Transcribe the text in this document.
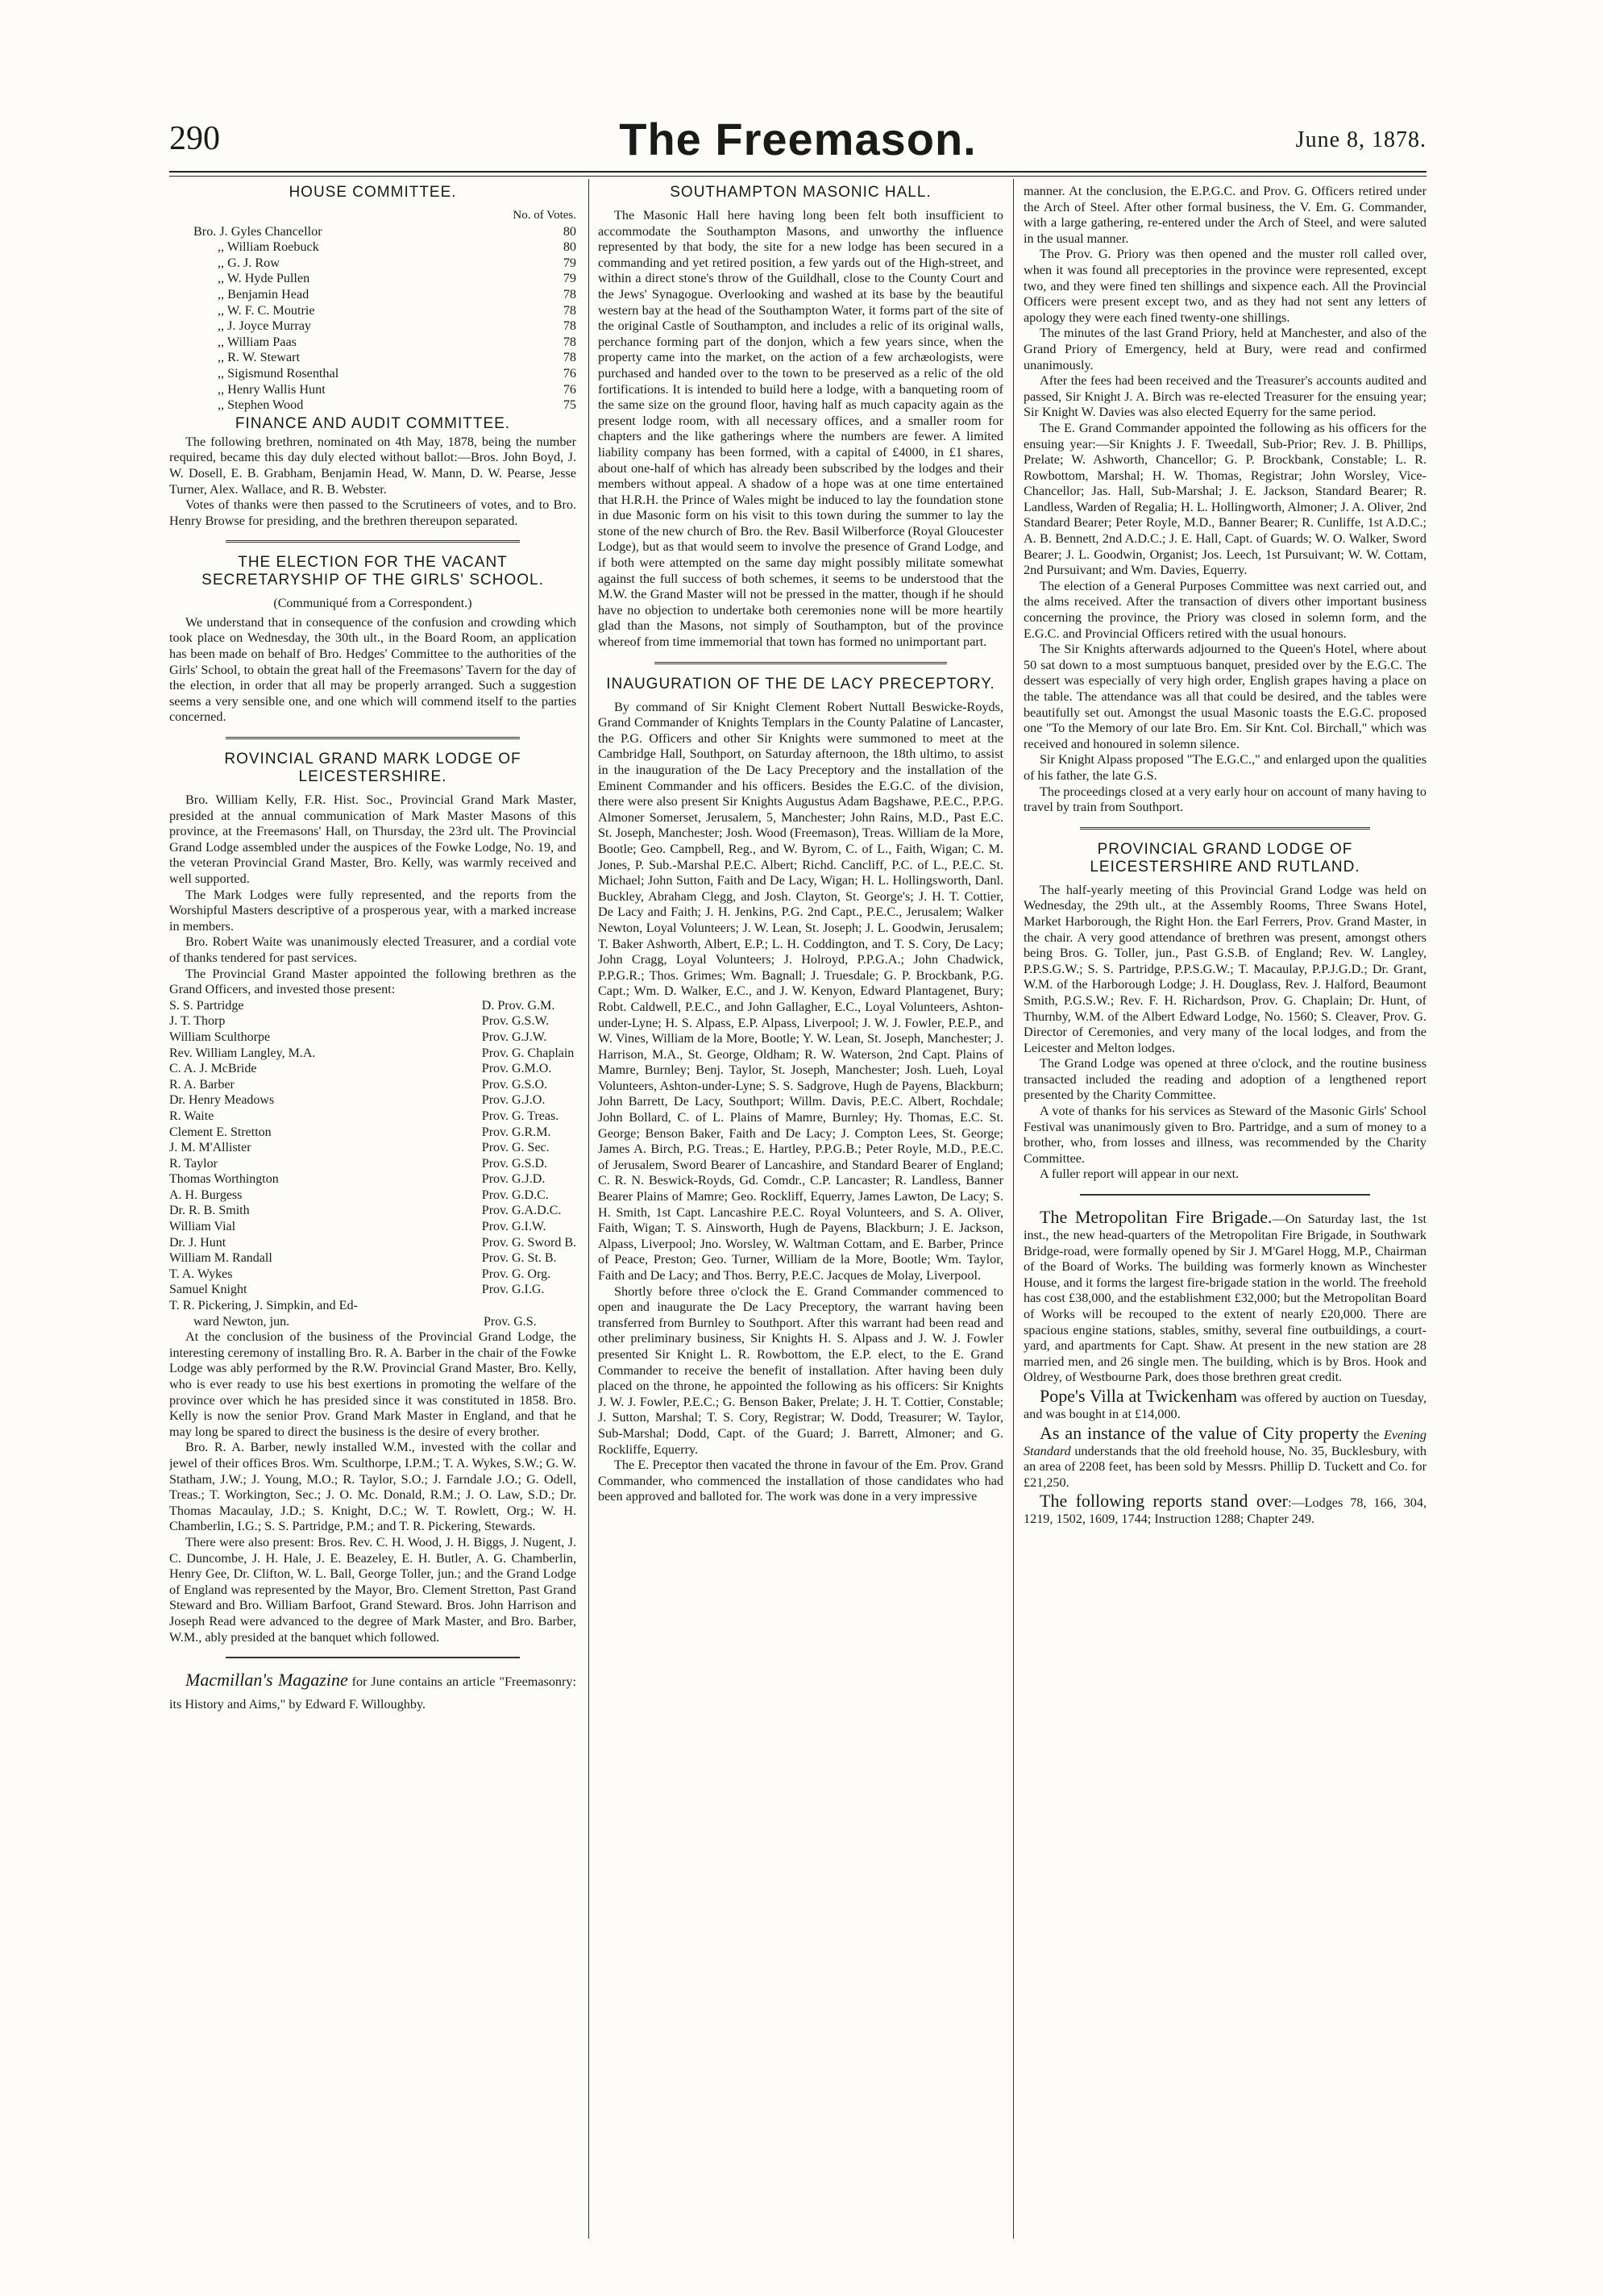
290	The Freemason.	June 8, 1878.
HOUSE COMMITTEE.
No. of Votes.
Bro. J. Gyles Chancellor	80
,, William Roebuck	80
,, G. J. Row	79
,, W. Hyde Pullen	79
,, Benjamin Head	78
,, W. F. C. Moutrie	78
,, J. Joyce Murray	78
,, William Paas	78
,, R. W. Stewart	78
,, Sigismund Rosenthal	76
,, Henry Wallis Hunt	76
,, Stephen Wood	75
FINANCE AND AUDIT COMMITTEE.

The following brethren, nominated on 4th May, 1878, being the number required, became this day duly elected without ballot:—Bros. John Boyd, J. W. Dosell, E. B. Grabham, Benjamin Head, W. Mann, D. W. Pearse, Jesse Turner, Alex. Wallace, and R. B. Webster.

Votes of thanks were then passed to the Scrutineers of votes, and to Bro. Henry Browse for presiding, and the brethren thereupon separated.

THE ELECTION FOR THE VACANT SECRETARYSHIP OF THE GIRLS' SCHOOL.
(Communiqué from a Correspondent.)

We understand that in consequence of the confusion and crowding which took place on Wednesday, the 30th ult., in the Board Room, an application has been made on behalf of Bro. Hedges' Committee to the authorities of the Girls' School, to obtain the great hall of the Freemasons' Tavern for the day of the election, in order that all may be properly arranged. Such a suggestion seems a very sensible one, and one which will commend itself to the parties concerned.

ROVINCIAL GRAND MARK LODGE OF LEICESTERSHIRE.

Bro. William Kelly, F.R. Hist. Soc., Provincial Grand Mark Master, presided at the annual communication of Mark Master Masons of this province, at the Freemasons' Hall, on Thursday, the 23rd ult. The Provincial Grand Lodge assembled under the auspices of the Fowke Lodge, No. 19, and the veteran Provincial Grand Master, Bro. Kelly, was warmly received and well supported.

The Mark Lodges were fully represented, and the reports from the Worshipful Masters descriptive of a prosperous year, with a marked increase in members.

Bro. Robert Waite was unanimously elected Treasurer, and a cordial vote of thanks tendered for past services.

The Provincial Grand Master appointed the following brethren as the Grand Officers, and invested those present:

S. S. Partridge	D. Prov. G.M.
J. T. Thorp	Prov. G.S.W.
William Sculthorpe	Prov. G.J.W.
Rev. William Langley, M.A.	Prov. G. Chaplain
C. A. J. McBride	Prov. G.M.O.
R. A. Barber	Prov. G.S.O.
Dr. Henry Meadows	Prov. G.J.O.
R. Waite	Prov. G. Treas.
Clement E. Stretton	Prov. G.R.M.
J. M. M'Allister	Prov. G. Sec.
R. Taylor	Prov. G.S.D.
Thomas Worthington	Prov. G.J.D.
A. H. Burgess	Prov. G.D.C.
Dr. R. B. Smith	Prov. G.A.D.C.
William Vial	Prov. G.I.W.
Dr. J. Hunt	Prov. G. Sword B.
William M. Randall	Prov. G. St. B.
T. A. Wykes	Prov. G. Org.
Samuel Knight	Prov. G.I.G.
T. R. Pickering, J. Simpkin, and Ed-
ward Newton, jun.	Prov. G.S.

At the conclusion of the business of the Provincial Grand Lodge, the interesting ceremony of installing Bro. R. A. Barber in the chair of the Fowke Lodge was ably performed by the R.W. Provincial Grand Master, Bro. Kelly, who is ever ready to use his best exertions in promoting the welfare of the province over which he has presided since it was constituted in 1858. Bro. Kelly is now the senior Prov. Grand Mark Master in England, and that he may long be spared to direct the business is the desire of every brother.

Bro. R. A. Barber, newly installed W.M., invested with the collar and jewel of their offices Bros. Wm. Sculthorpe, I.P.M.; T. A. Wykes, S.W.; G. W. Statham, J.W.; J. Young, M.O.; R. Taylor, S.O.; J. Farndale J.O.; G. Odell, Treas.; T. Workington, Sec.; J. O. Mc. Donald, R.M.; J. O. Law, S.D.; Dr. Thomas Macaulay, J.D.; S. Knight, D.C.; W. T. Rowlett, Org.; W. H. Chamberlin, I.G.; S. S. Partridge, P.M.; and T. R. Pickering, Stewards.

There were also present: Bros. Rev. C. H. Wood, J. H. Biggs, J. Nugent, J. C. Duncombe, J. H. Hale, J. E. Beazeley, E. H. Butler, A. G. Chamberlin, Henry Gee, Dr. Clifton, W. L. Ball, George Toller, jun.; and the Grand Lodge of England was represented by the Mayor, Bro. Clement Stretton, Past Grand Steward and Bro. William Barfoot, Grand Steward. Bros. John Harrison and Joseph Read were advanced to the degree of Mark Master, and Bro. Barber, W.M., ably presided at the banquet which followed.

Macmillan's Magazine for June contains an article "Freemasonry: its History and Aims," by Edward F. Willoughby.

SOUTHAMPTON MASONIC HALL.

The Masonic Hall here having long been felt both insufficient to accommodate the Southampton Masons, and unworthy the influence represented by that body, the site for a new lodge has been secured in a commanding and yet retired position, a few yards out of the High-street, and within a direct stone's throw of the Guildhall, close to the County Court and the Jews' Synagogue. Overlooking and washed at its base by the beautiful western bay at the head of the Southampton Water, it forms part of the site of the original Castle of Southampton, and includes a relic of its original walls, perchance forming part of the donjon, which a few years since, when the property came into the market, on the action of a few archæologists, were purchased and handed over to the town to be preserved as a relic of the old fortifications. It is intended to build here a lodge, with a banqueting room of the same size on the ground floor, having half as much capacity again as the present lodge room, with all necessary offices, and a smaller room for chapters and the like gatherings where the numbers are fewer. A limited liability company has been formed, with a capital of £4000, in £1 shares, about one-half of which has already been subscribed by the lodges and their members without appeal. A shadow of a hope was at one time entertained that H.R.H. the Prince of Wales might be induced to lay the foundation stone in due Masonic form on his visit to this town during the summer to lay the stone of the new church of Bro. the Rev. Basil Wilberforce (Royal Gloucester Lodge), but as that would seem to involve the presence of Grand Lodge, and if both were attempted on the same day might possibly militate somewhat against the full success of both schemes, it seems to be understood that the M.W. the Grand Master will not be pressed in the matter, though if he should have no objection to undertake both ceremonies none will be more heartily glad than the Masons, not simply of Southampton, but of the province whereof from time immemorial that town has formed no unimportant part.

INAUGURATION OF THE DE LACY PRECEPTORY.

By command of Sir Knight Clement Robert Nuttall Beswicke-Royds, Grand Commander of Knights Templars in the County Palatine of Lancaster, the P.G. Officers and other Sir Knights were summoned to meet at the Cambridge Hall, Southport, on Saturday afternoon, the 18th ultimo, to assist in the inauguration of the De Lacy Preceptory and the installation of the Eminent Commander and his officers. Besides the E.G.C. of the division, there were also present Sir Knights Augustus Adam Bagshawe, P.E.C., P.P.G. Almoner Somerset, Jerusalem, 5, Manchester; John Rains, M.D., Past E.C. St. Joseph, Manchester; Josh. Wood (Freemason), Treas. William de la More, Bootle; Geo. Campbell, Reg., and W. Byrom, C. of L., Faith, Wigan; C. M. Jones, P. Sub.-Marshal P.E.C. Albert; Richd. Cancliff, P.C. of L., P.E.C. St. Michael; John Sutton, Faith and De Lacy, Wigan; H. L. Hollingsworth, Danl. Buckley, Abraham Clegg, and Josh. Clayton, St. George's; J. H. T. Cottier, De Lacy and Faith; J. H. Jenkins, P.G. 2nd Capt., P.E.C., Jerusalem; Walker Newton, Loyal Volunteers; J. W. Lean, St. Joseph; J. L. Goodwin, Jerusalem; T. Baker Ashworth, Albert, E.P.; L. H. Coddington, and T. S. Cory, De Lacy; John Cragg, Loyal Volunteers; J. Holroyd, P.P.G.A.; John Chadwick, P.P.G.R.; Thos. Grimes; Wm. Bagnall; J. Truesdale; G. P. Brockbank, P.G. Capt.; Wm. D. Walker, E.C., and J. W. Kenyon, Edward Plantagenet, Bury; Robt. Caldwell, P.E.C., and John Gallagher, E.C., Loyal Volunteers, Ashton-under-Lyne; H. S. Alpass, E.P. Alpass, Liverpool; J. W. J. Fowler, P.E.P., and W. Vines, William de la More, Bootle; Y. W. Lean, St. Joseph, Manchester; J. Harrison, M.A., St. George, Oldham; R. W. Waterson, 2nd Capt. Plains of Mamre, Burnley; Benj. Taylor, St. Joseph, Manchester; Josh. Lueh, Loyal Volunteers, Ashton-under-Lyne; S. S. Sadgrove, Hugh de Payens, Blackburn; John Barrett, De Lacy, Southport; Willm. Davis, P.E.C. Albert, Rochdale; John Bollard, C. of L. Plains of Mamre, Burnley; Hy. Thomas, E.C. St. George; Benson Baker, Faith and De Lacy; J. Compton Lees, St. George; James A. Birch, P.G. Treas.; E. Hartley, P.P.G.B.; Peter Royle, M.D., P.E.C. of Jerusalem, Sword Bearer of Lancashire, and Standard Bearer of England; C. R. N. Beswick-Royds, Gd. Comdr., C.P. Lancaster; R. Landless, Banner Bearer Plains of Mamre; Geo. Rockliff, Equerry, James Lawton, De Lacy; S. H. Smith, 1st Capt. Lancashire P.E.C. Royal Volunteers, and S. A. Oliver, Faith, Wigan; T. S. Ainsworth, Hugh de Payens, Blackburn; J. E. Jackson, Alpass, Liverpool; Jno. Worsley, W. Waltman Cottam, and E. Barber, Prince of Peace, Preston; Geo. Turner, William de la More, Bootle; Wm. Taylor, Faith and De Lacy; and Thos. Berry, P.E.C. Jacques de Molay, Liverpool.

Shortly before three o'clock the E. Grand Commander commenced to open and inaugurate the De Lacy Preceptory, the warrant having been transferred from Burnley to Southport. After this warrant had been read and other preliminary business, Sir Knights H. S. Alpass and J. W. J. Fowler presented Sir Knight L. R. Rowbottom, the E.P. elect, to the E. Grand Commander to receive the benefit of installation. After having been duly placed on the throne, he appointed the following as his officers: Sir Knights J. W. J. Fowler, P.E.C.; G. Benson Baker, Prelate; J. H. T. Cottier, Constable; J. Sutton, Marshal; T. S. Cory, Registrar; W. Dodd, Treasurer; W. Taylor, Sub-Marshal; Dodd, Capt. of the Guard; J. Barrett, Almoner; and G. Rockliffe, Equerry.

The E. Preceptor then vacated the throne in favour of the Em. Prov. Grand Commander, who commenced the installation of those candidates who had been approved and balloted for. The work was done in a very impressive

manner. At the conclusion, the E.P.G.C. and Prov. G. Officers retired under the Arch of Steel. After other formal business, the V. Em. G. Commander, with a large gathering, re-entered under the Arch of Steel, and were saluted in the usual manner.

The Prov. G. Priory was then opened and the muster roll called over, when it was found all preceptories in the province were represented, except two, and they were fined ten shillings and sixpence each. All the Provincial Officers were present except two, and as they had not sent any letters of apology they were each fined twenty-one shillings.

The minutes of the last Grand Priory, held at Manchester, and also of the Grand Priory of Emergency, held at Bury, were read and confirmed unanimously.

After the fees had been received and the Treasurer's accounts audited and passed, Sir Knight J. A. Birch was re-elected Treasurer for the ensuing year; Sir Knight W. Davies was also elected Equerry for the same period.

The E. Grand Commander appointed the following as his officers for the ensuing year:—Sir Knights J. F. Tweedall, Sub-Prior; Rev. J. B. Phillips, Prelate; W. Ashworth, Chancellor; G. P. Brockbank, Constable; L. R. Rowbottom, Marshal; H. W. Thomas, Registrar; John Worsley, Vice-Chancellor; Jas. Hall, Sub-Marshal; J. E. Jackson, Standard Bearer; R. Landless, Warden of Regalia; H. L. Hollingworth, Almoner; J. A. Oliver, 2nd Standard Bearer; Peter Royle, M.D., Banner Bearer; R. Cunliffe, 1st A.D.C.; A. B. Bennett, 2nd A.D.C.; J. E. Hall, Capt. of Guards; W. O. Walker, Sword Bearer; J. L. Goodwin, Organist; Jos. Leech, 1st Pursuivant; W. W. Cottam, 2nd Pursuivant; and Wm. Davies, Equerry.

The election of a General Purposes Committee was next carried out, and the alms received. After the transaction of divers other important business concerning the province, the Priory was closed in solemn form, and the E.G.C. and Provincial Officers retired with the usual honours.

The Sir Knights afterwards adjourned to the Queen's Hotel, where about 50 sat down to a most sumptuous banquet, presided over by the E.G.C. The dessert was especially of very high order, English grapes having a place on the table. The attendance was all that could be desired, and the tables were beautifully set out. Amongst the usual Masonic toasts the E.G.C. proposed one "To the Memory of our late Bro. Em. Sir Knt. Col. Birchall," which was received and honoured in solemn silence.

Sir Knight Alpass proposed "The E.G.C.," and enlarged upon the qualities of his father, the late G.S.

The proceedings closed at a very early hour on account of many having to travel by train from Southport.

PROVINCIAL GRAND LODGE OF LEICESTERSHIRE AND RUTLAND.

The half-yearly meeting of this Provincial Grand Lodge was held on Wednesday, the 29th ult., at the Assembly Rooms, Three Swans Hotel, Market Harborough, the Right Hon. the Earl Ferrers, Prov. Grand Master, in the chair. A very good attendance of brethren was present, amongst others being Bros. G. Toller, jun., Past G.S.B. of England; Rev. W. Langley, P.P.S.G.W.; S. S. Partridge, P.P.S.G.W.; T. Macaulay, P.P.J.G.D.; Dr. Grant, W.M. of the Harborough Lodge; J. H. Douglass, Rev. J. Halford, Beaumont Smith, P.G.S.W.; Rev. F. H. Richardson, Prov. G. Chaplain; Dr. Hunt, of Thurnby, W.M. of the Albert Edward Lodge, No. 1560; S. Cleaver, Prov. G. Director of Ceremonies, and very many of the local lodges, and from the Leicester and Melton lodges.

The Grand Lodge was opened at three o'clock, and the routine business transacted included the reading and adoption of a lengthened report presented by the Charity Committee.

A vote of thanks for his services as Steward of the Masonic Girls' School Festival was unanimously given to Bro. Partridge, and a sum of money to a brother, who, from losses and illness, was recommended by the Charity Committee.

A fuller report will appear in our next.

The Metropolitan Fire Brigade.—On Saturday last, the 1st inst., the new head-quarters of the Metropolitan Fire Brigade, in Southwark Bridge-road, were formally opened by Sir J. M'Garel Hogg, M.P., Chairman of the Board of Works. The building was formerly known as Winchester House, and it forms the largest fire-brigade station in the world. The freehold has cost £38,000, and the establishment £32,000; but the Metropolitan Board of Works will be recouped to the extent of nearly £20,000. There are spacious engine stations, stables, smithy, several fine outbuildings, a court-yard, and apartments for Capt. Shaw. At present in the new station are 28 married men, and 26 single men. The building, which is by Bros. Hook and Oldrey, of Westbourne Park, does those brethren great credit.

Pope's Villa at Twickenham was offered by auction on Tuesday, and was bought in at £14,000.

As an instance of the value of City property the Evening Standard understands that the old freehold house, No. 35, Bucklesbury, with an area of 2208 feet, has been sold by Messrs. Phillip D. Tuckett and Co. for £21,250.

The following reports stand over:—Lodges 78, 166, 304, 1219, 1502, 1609, 1744; Instruction 1288; Chapter 249.
